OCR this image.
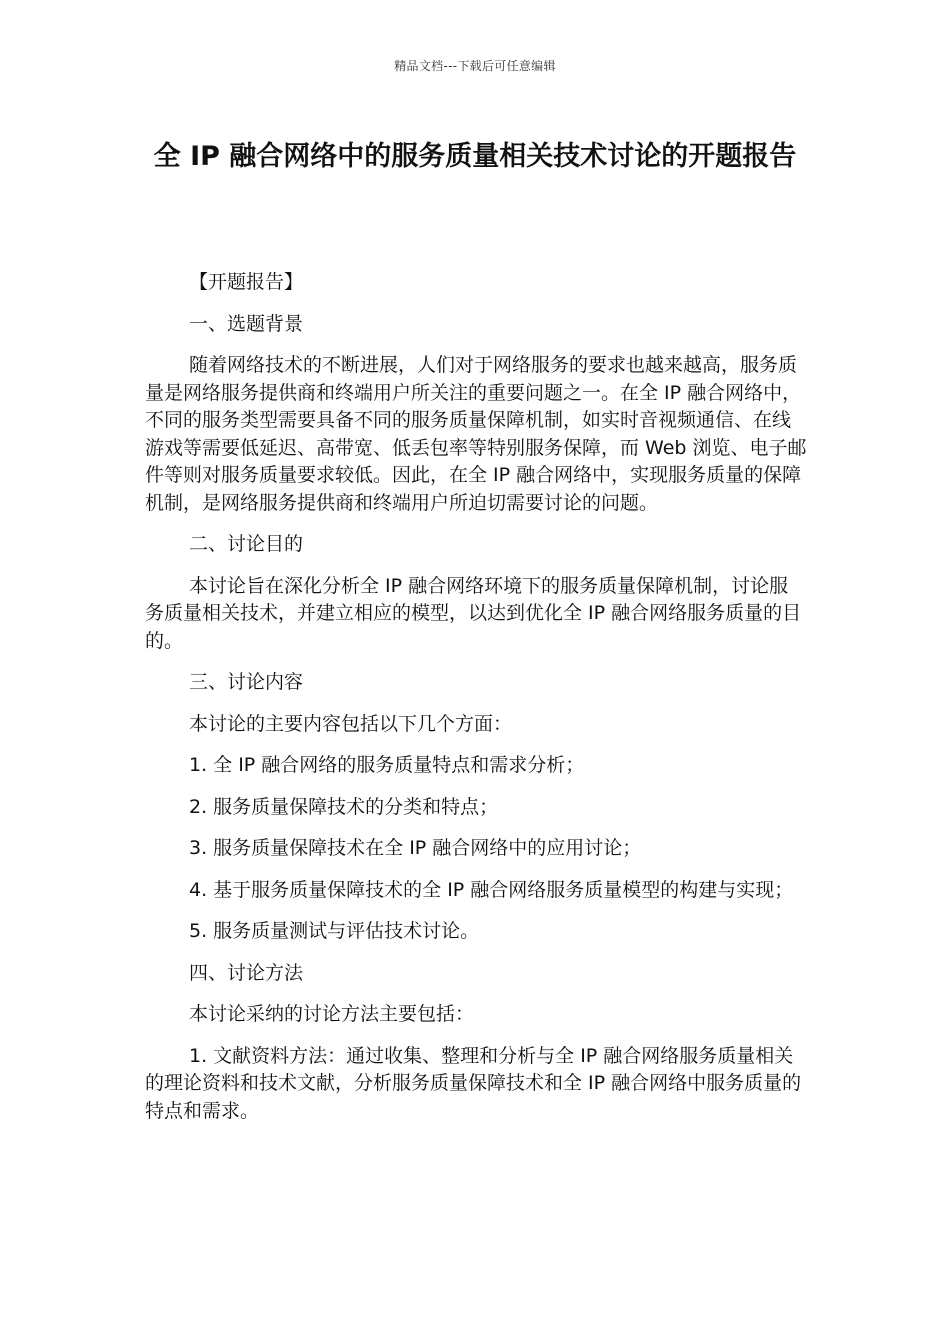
精品文档---下载后可任意编辑
全 IP 融合网络中的服务质量相关技术讨论的开题报告

【开题报告】

一、选题背景

随着网络技术的不断进展，人们对于网络服务的要求也越来越高，服务质量是网络服务提供商和终端用户所关注的重要问题之一。在全 IP 融合网络中，不同的服务类型需要具备不同的服务质量保障机制，如实时音视频通信、在线游戏等需要低延迟、高带宽、低丢包率等特别服务保障，而 Web 浏览、电子邮件等则对服务质量要求较低。因此，在全 IP 融合网络中，实现服务质量的保障机制，是网络服务提供商和终端用户所迫切需要讨论的问题。

二、讨论目的

本讨论旨在深化分析全 IP 融合网络环境下的服务质量保障机制，讨论服务质量相关技术，并建立相应的模型，以达到优化全 IP 融合网络服务质量的目的。

三、讨论内容

本讨论的主要内容包括以下几个方面：

1. 全 IP 融合网络的服务质量特点和需求分析；

2. 服务质量保障技术的分类和特点；

3. 服务质量保障技术在全 IP 融合网络中的应用讨论；

4. 基于服务质量保障技术的全 IP 融合网络服务质量模型的构建与实现；

5. 服务质量测试与评估技术讨论。

四、讨论方法

本讨论采纳的讨论方法主要包括：

1. 文献资料方法：通过收集、整理和分析与全 IP 融合网络服务质量相关的理论资料和技术文献，分析服务质量保障技术和全 IP 融合网络中服务质量的特点和需求。
